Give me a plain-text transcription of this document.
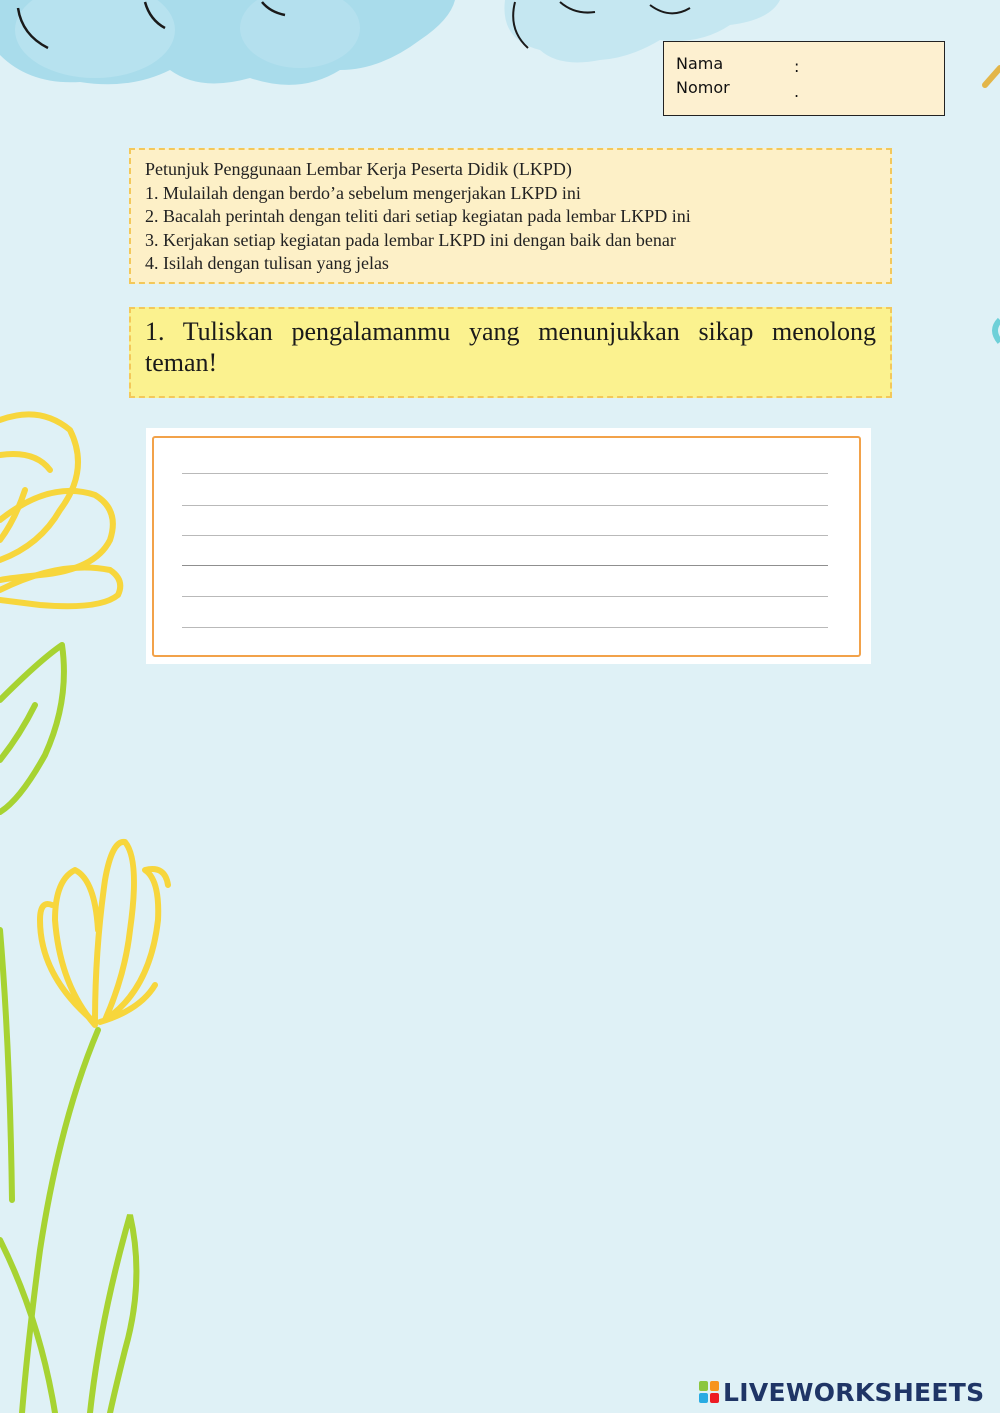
Nama	:
Nomor	.

Petunjuk Penggunaan Lembar Kerja Peserta Didik (LKPD)

1. Mulailah dengan berdo’a sebelum mengerjakan LKPD ini

2. Bacalah perintah dengan teliti dari setiap kegiatan pada lembar LKPD ini

3. Kerjakan setiap kegiatan pada lembar LKPD ini dengan baik dan benar

4. Isilah dengan tulisan yang jelas

1. Tuliskan pengalamanmu yang menunjukkan sikap menolong teman!
LIVEWORKSHEETS
